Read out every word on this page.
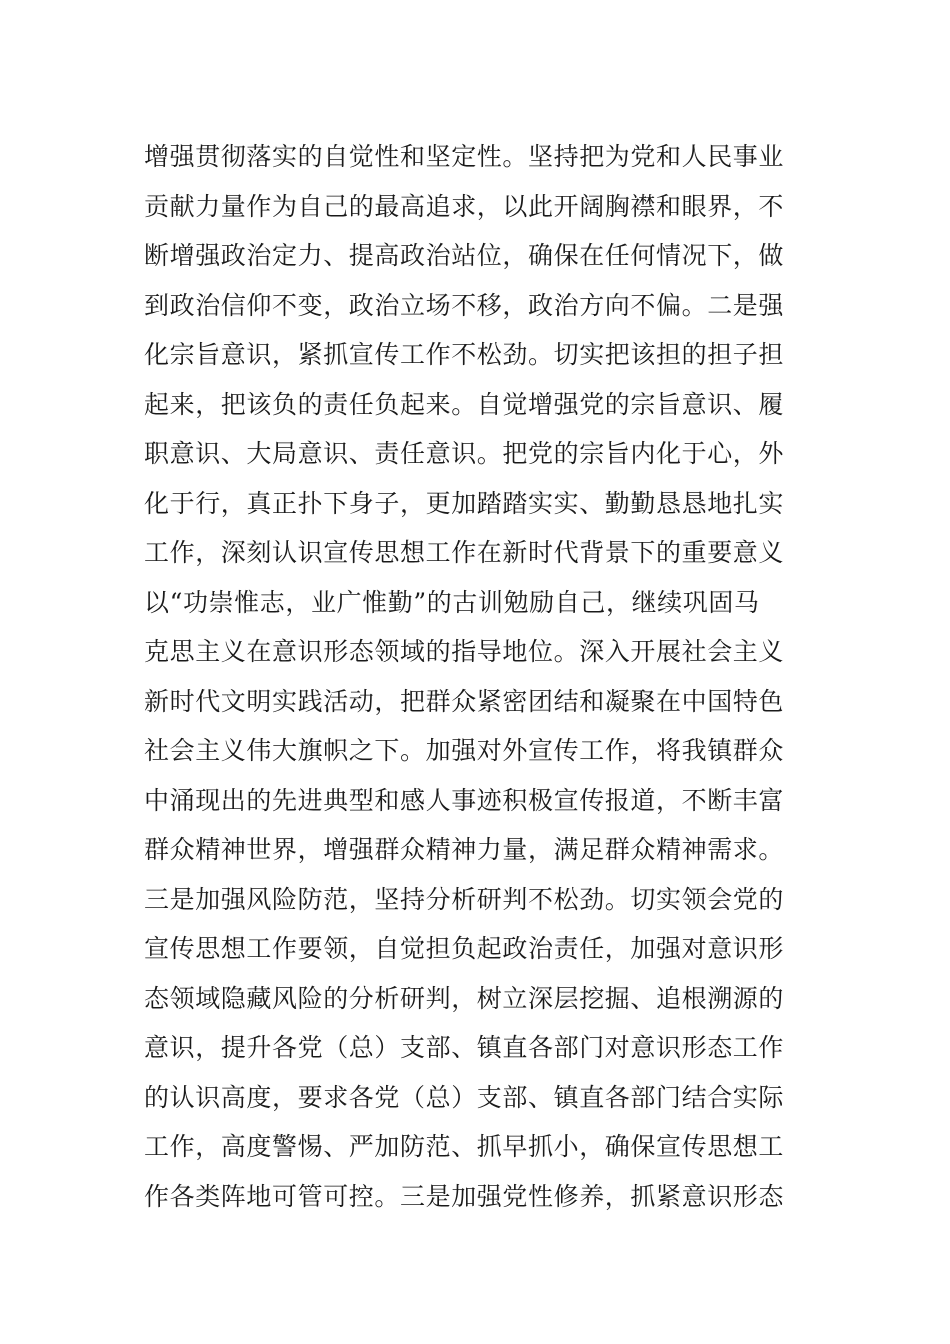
增强贯彻落实的自觉性和坚定性。坚持把为党和人民事业
贡献力量作为自己的最高追求，以此开阔胸襟和眼界，不
断增强政治定力、提高政治站位，确保在任何情况下，做
到政治信仰不变，政治立场不移，政治方向不偏。二是强
化宗旨意识，紧抓宣传工作不松劲。切实把该担的担子担
起来，把该负的责任负起来。自觉增强党的宗旨意识、履
职意识、大局意识、责任意识。把党的宗旨内化于心，外
化于行，真正扑下身子，更加踏踏实实、勤勤恳恳地扎实
工作，深刻认识宣传思想工作在新时代背景下的重要意义
以“功崇惟志，业广惟勤”的古训勉励自己，继续巩固马
克思主义在意识形态领域的指导地位。深入开展社会主义
新时代文明实践活动，把群众紧密团结和凝聚在中国特色
社会主义伟大旗帜之下。加强对外宣传工作，将我镇群众
中涌现出的先进典型和感人事迹积极宣传报道，不断丰富
群众精神世界，增强群众精神力量，满足群众精神需求。
三是加强风险防范，坚持分析研判不松劲。切实领会党的
宣传思想工作要领，自觉担负起政治责任，加强对意识形
态领域隐藏风险的分析研判，树立深层挖掘、追根溯源的
意识，提升各党（总）支部、镇直各部门对意识形态工作
的认识高度，要求各党（总）支部、镇直各部门结合实际
工作，高度警惕、严加防范、抓早抓小，确保宣传思想工
作各类阵地可管可控。三是加强党性修养，抓紧意识形态
